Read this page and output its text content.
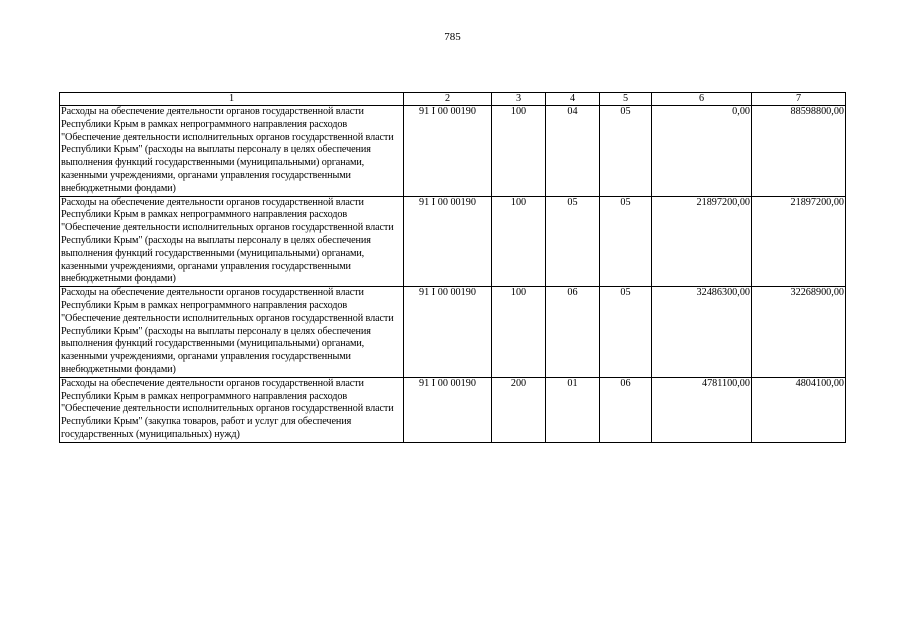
785
1	2	3	4	5	6	7
Расходы на обеспечение деятельности органов государственной власти Республики Крым в рамках непрограммного направления расходов "Обеспечение деятельности исполнительных органов государственной власти Республики Крым" (расходы на выплаты персоналу в целях обеспечения выполнения функций государственными (муниципальными) органами, казенными учреждениями, органами управления государственными внебюджетными фондами)	91 I 00 00190	100	04	05	0,00	88598800,00
Расходы на обеспечение деятельности органов государственной власти Республики Крым в рамках непрограммного направления расходов "Обеспечение деятельности исполнительных органов государственной власти Республики Крым" (расходы на выплаты персоналу в целях обеспечения выполнения функций государственными (муниципальными) органами, казенными учреждениями, органами управления государственными внебюджетными фондами)	91 I 00 00190	100	05	05	21897200,00	21897200,00
Расходы на обеспечение деятельности органов государственной власти Республики Крым в рамках непрограммного направления расходов "Обеспечение деятельности исполнительных органов государственной власти Республики Крым" (расходы на выплаты персоналу в целях обеспечения выполнения функций государственными (муниципальными) органами, казенными учреждениями, органами управления государственными внебюджетными фондами)	91 I 00 00190	100	06	05	32486300,00	32268900,00
Расходы на обеспечение деятельности органов государственной власти Республики Крым в рамках непрограммного направления расходов "Обеспечение деятельности исполнительных органов государственной власти Республики Крым" (закупка товаров, работ и услуг для обеспечения государственных (муниципальных) нужд)	91 I 00 00190	200	01	06	4781100,00	4804100,00
